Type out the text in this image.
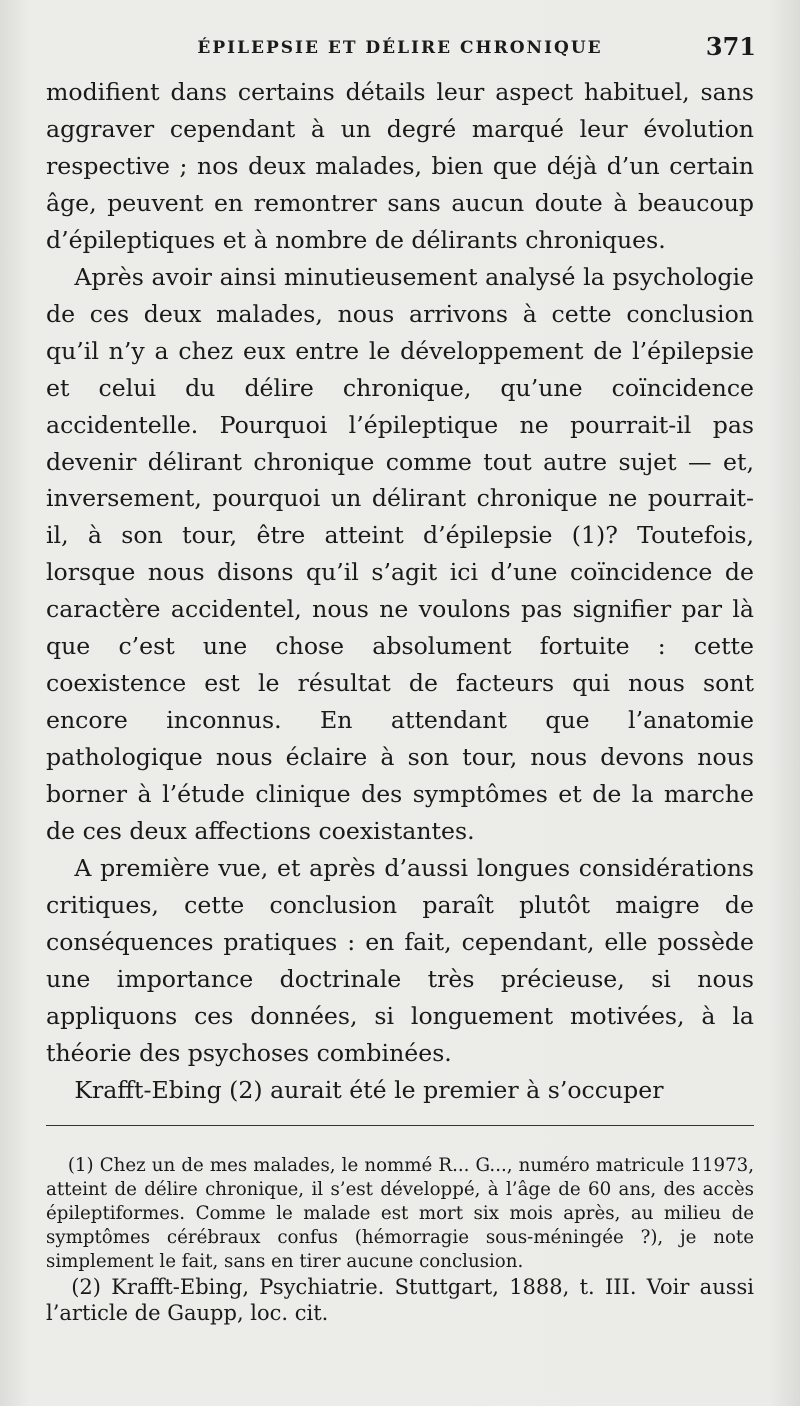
ÉPILEPSIE ET DÉLIRE CHRONIQUE	371

modifient dans certains détails leur aspect habituel, sans aggraver cependant à un degré marqué leur évolution respective ; nos deux malades, bien que déjà d’un certain âge, peuvent en remontrer sans aucun doute à beaucoup d’épileptiques et à nombre de délirants chroniques.

Après avoir ainsi minutieusement analysé la psychologie de ces deux malades, nous arrivons à cette conclusion qu’il n’y a chez eux entre le développement de l’épilepsie et celui du délire chronique, qu’une coïncidence accidentelle. Pourquoi l’épileptique ne pourrait-il pas devenir délirant chronique comme tout autre sujet — et, inversement, pourquoi un délirant chronique ne pourrait-il, à son tour, être atteint d’épilepsie (1)? Toutefois, lorsque nous disons qu’il s’agit ici d’une coïncidence de caractère accidentel, nous ne voulons pas signifier par là que c’est une chose absolument fortuite : cette coexistence est le résultat de facteurs qui nous sont encore inconnus. En attendant que l’anatomie pathologique nous éclaire à son tour, nous devons nous borner à l’étude clinique des symptômes et de la marche de ces deux affections coexistantes.

A première vue, et après d’aussi longues considérations critiques, cette conclusion paraît plutôt maigre de conséquences pratiques : en fait, cependant, elle possède une importance doctrinale très précieuse, si nous appliquons ces données, si longuement motivées, à la théorie des psychoses combinées.

Krafft-Ebing (2) aurait été le premier à s’occuper

(1) Chez un de mes malades, le nommé R... G..., numéro matricule 11973, atteint de délire chronique, il s’est développé, à l’âge de 60 ans, des accès épileptiformes. Comme le malade est mort six mois après, au milieu de symptômes cérébraux confus (hémorragie sous-méningée ?), je note simplement le fait, sans en tirer aucune conclusion.

(2) Krafft-Ebing, Psychiatrie. Stuttgart, 1888, t. III. Voir aussi l’article de Gaupp, loc. cit.
